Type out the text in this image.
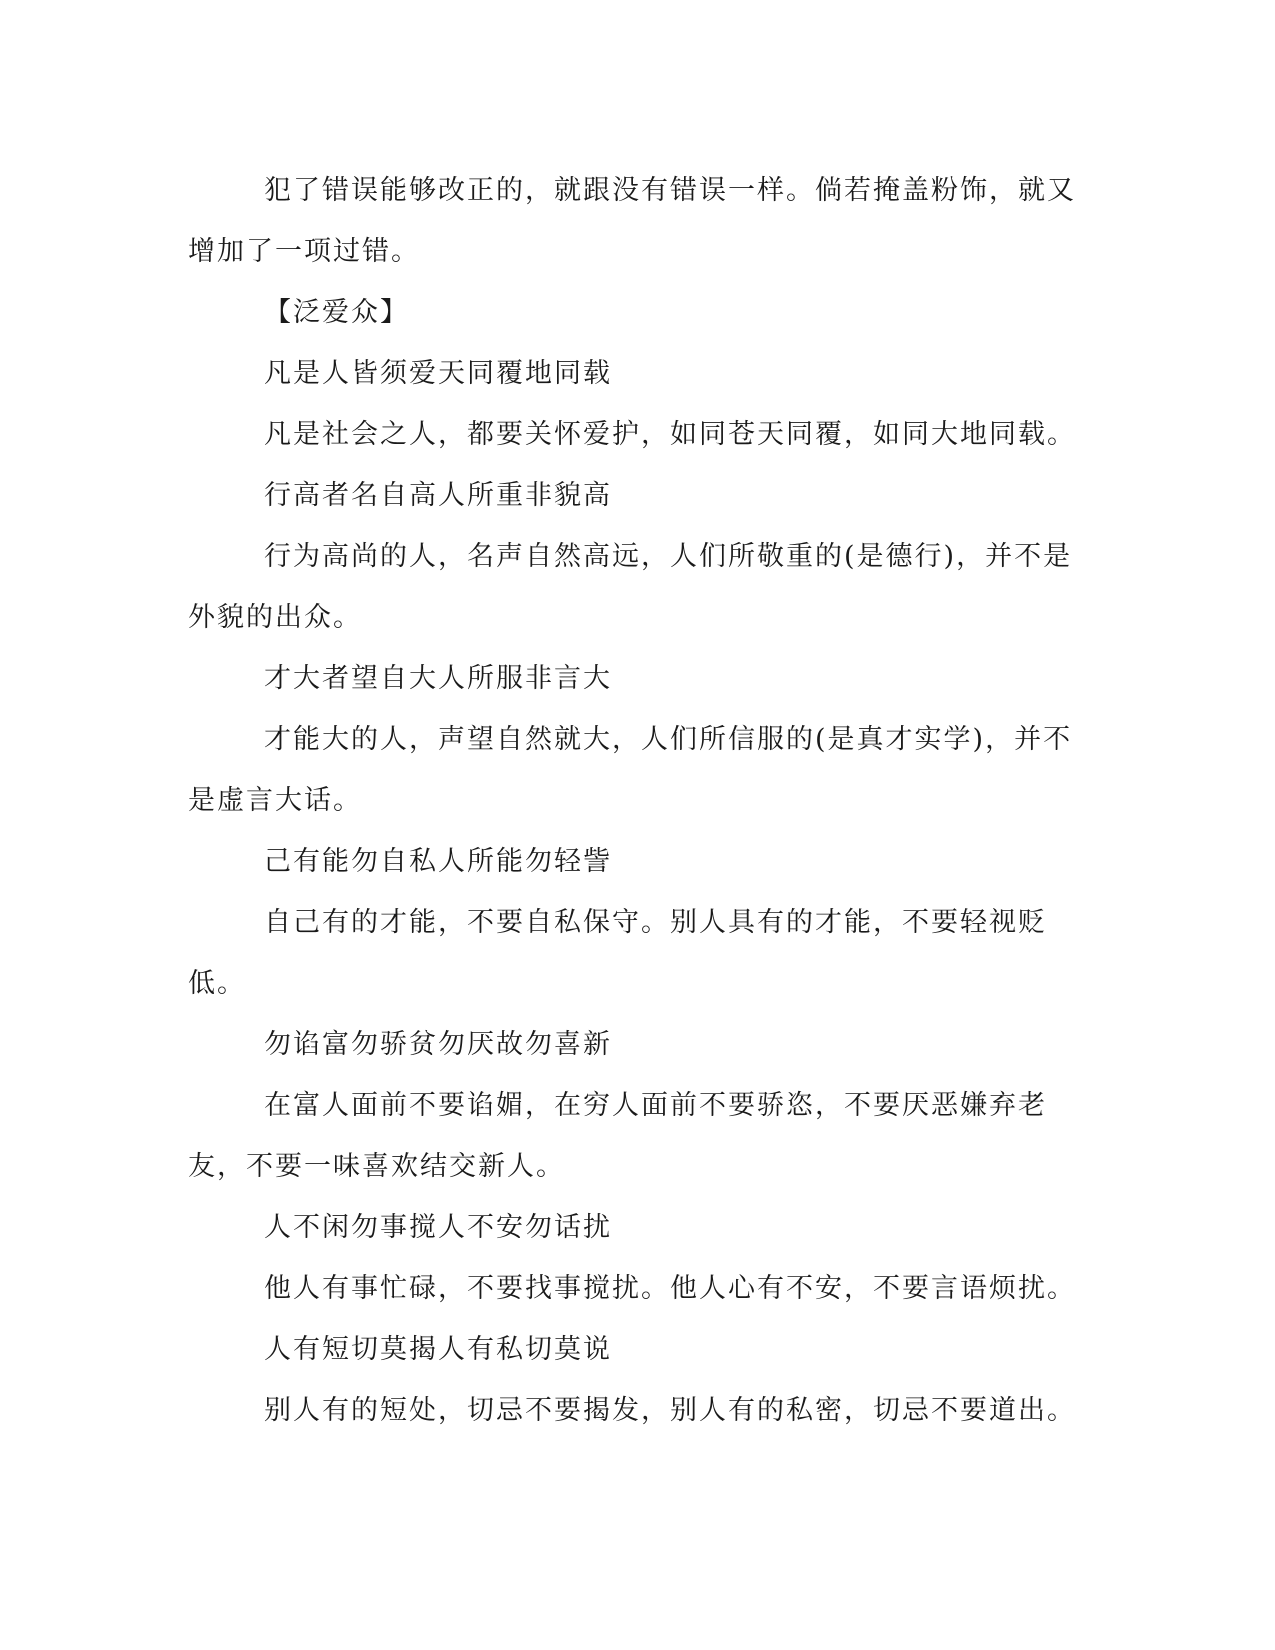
犯了错误能够改正的，就跟没有错误一样。倘若掩盖粉饰，就又增加了一项过错。

【泛爱众】

凡是人皆须爱天同覆地同载

凡是社会之人，都要关怀爱护，如同苍天同覆，如同大地同载。

行高者名自高人所重非貌高

行为高尚的人，名声自然高远，人们所敬重的(是德行)，并不是外貌的出众。

才大者望自大人所服非言大

才能大的人，声望自然就大，人们所信服的(是真才实学)，并不是虚言大话。

己有能勿自私人所能勿轻訾

自己有的才能，不要自私保守。别人具有的才能，不要轻视贬低。

勿谄富勿骄贫勿厌故勿喜新

在富人面前不要谄媚，在穷人面前不要骄恣，不要厌恶嫌弃老友，不要一味喜欢结交新人。

人不闲勿事搅人不安勿话扰

他人有事忙碌，不要找事搅扰。他人心有不安，不要言语烦扰。

人有短切莫揭人有私切莫说

别人有的短处，切忌不要揭发，别人有的私密，切忌不要道出。
